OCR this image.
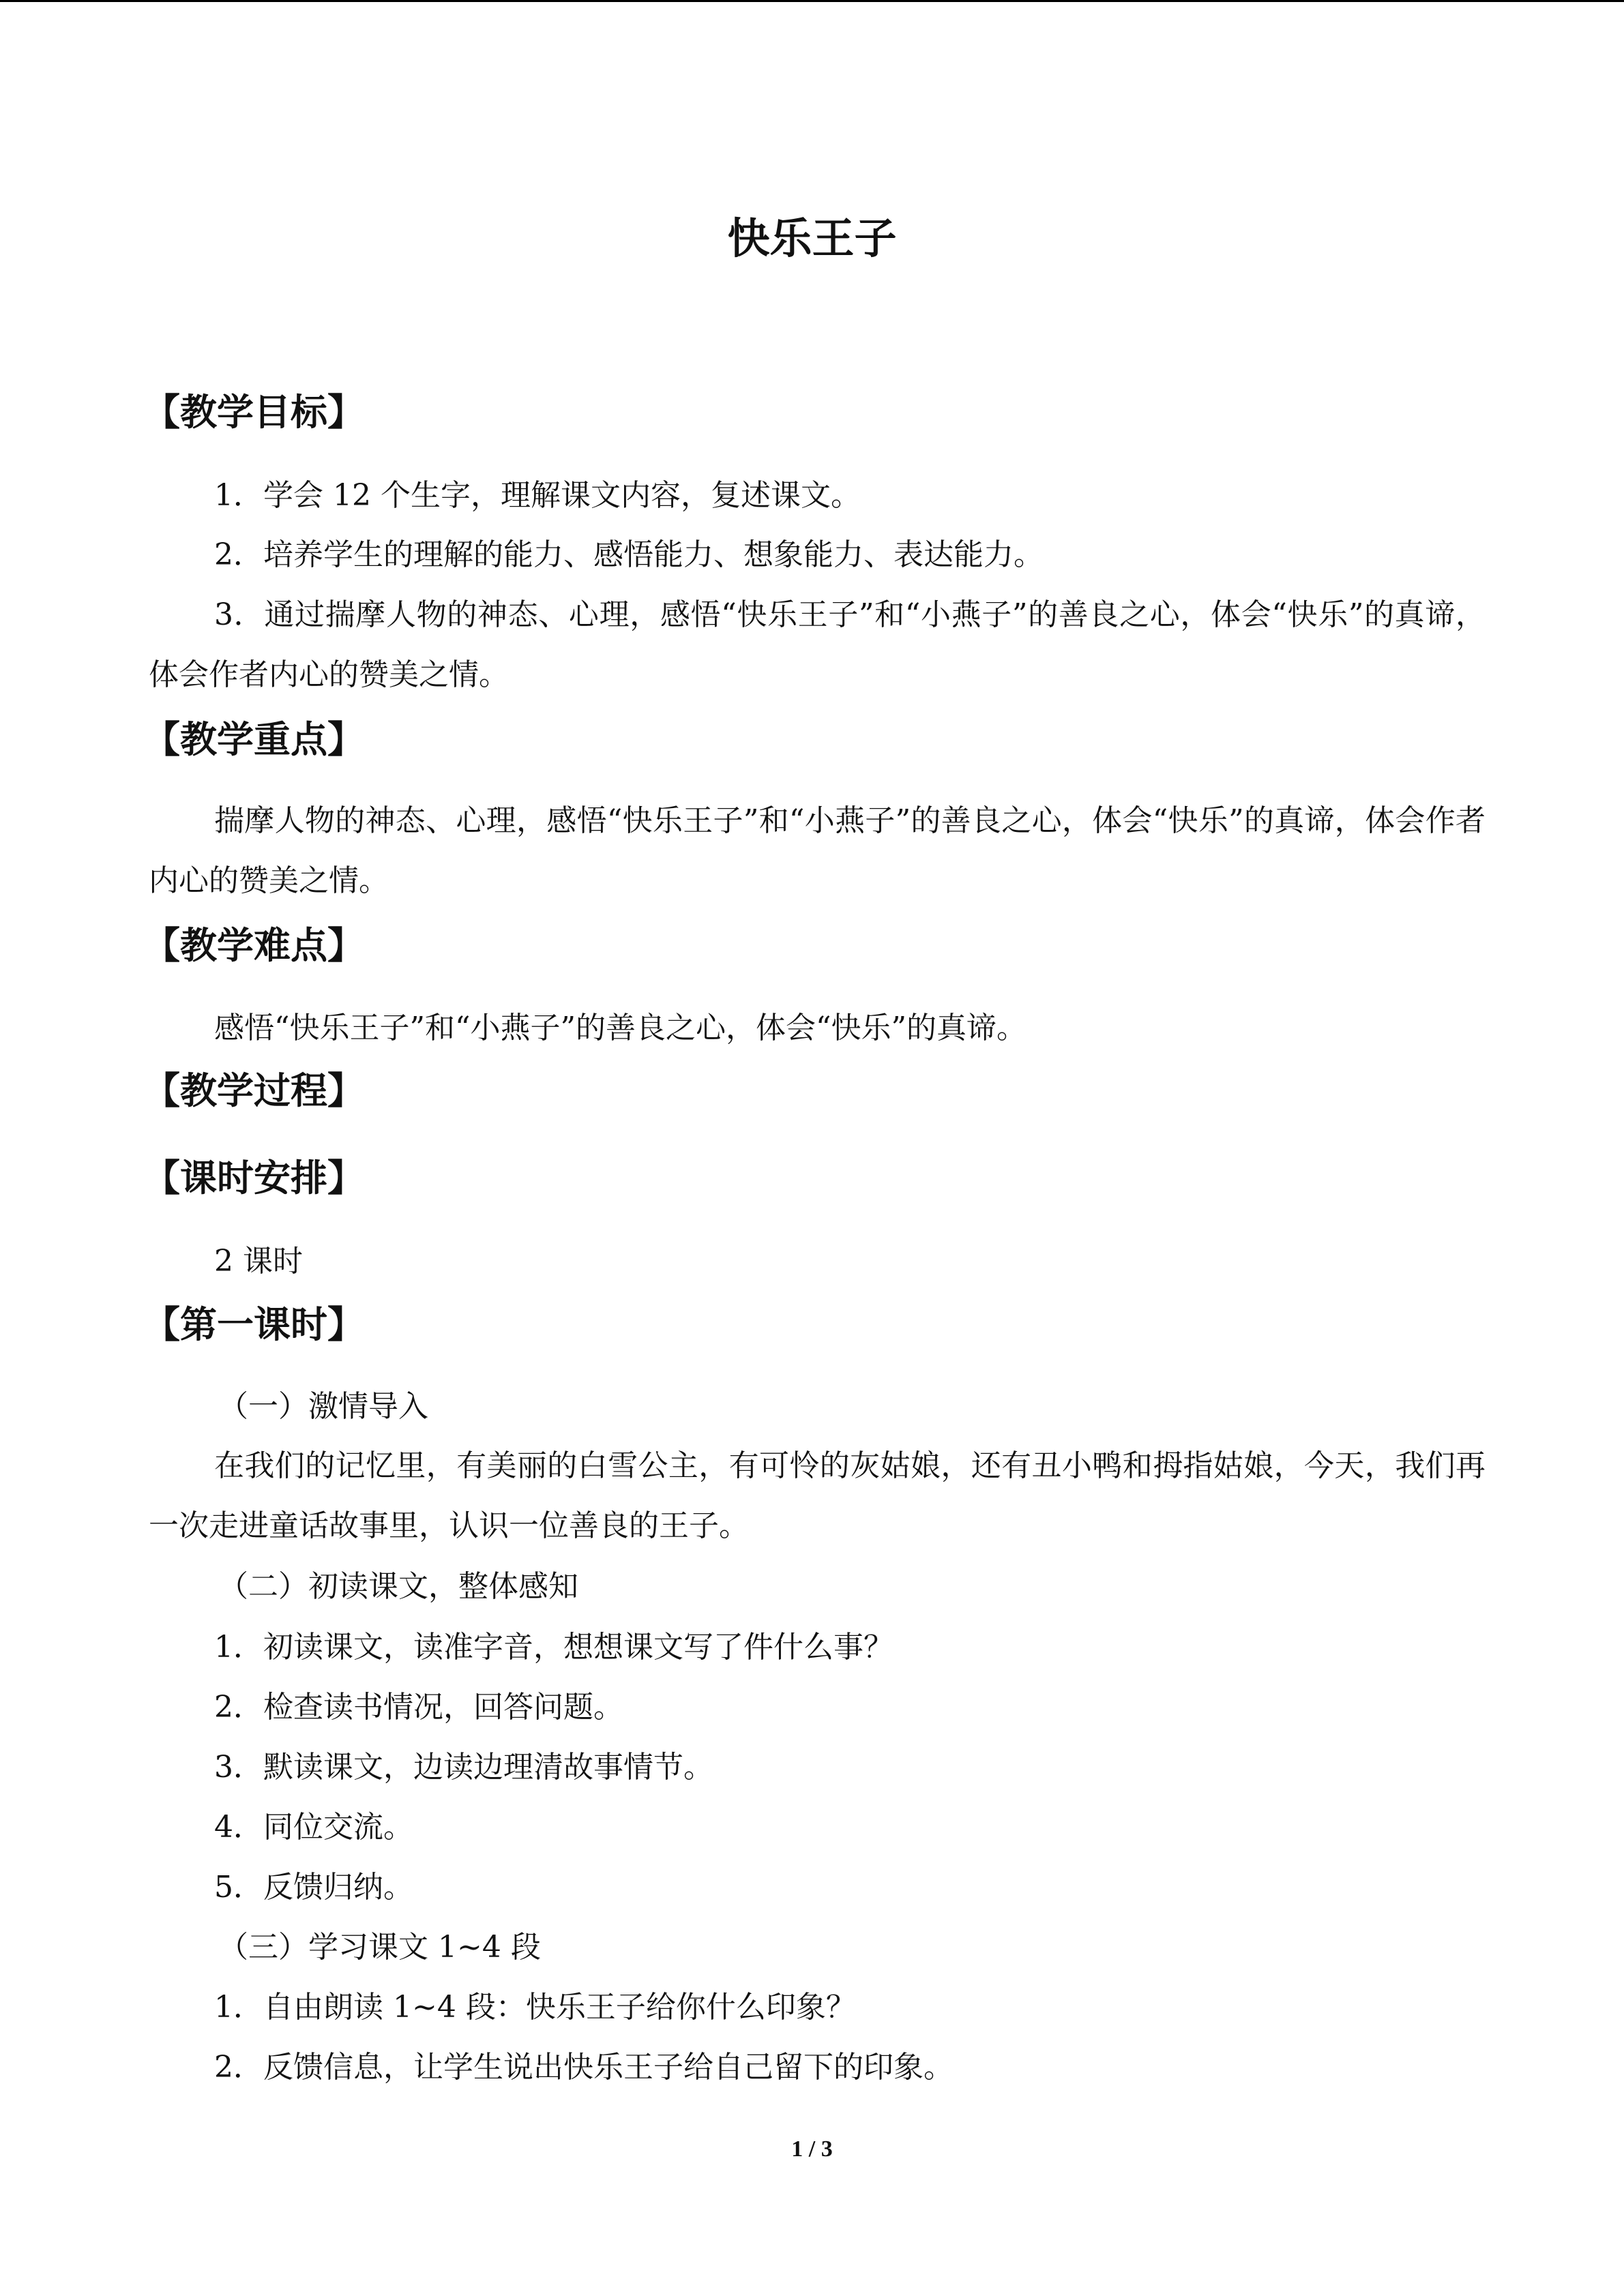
快乐王子
【教学目标】
1．学会 12 个生字，理解课文内容，复述课文。
2．培养学生的理解的能力、感悟能力、想象能力、表达能力。
3．通过揣摩人物的神态、心理，感悟“快乐王子”和“小燕子”的善良之心，体会“快乐”的真谛，体会作者内心的赞美之情。
【教学重点】
揣摩人物的神态、心理，感悟“快乐王子”和“小燕子”的善良之心，体会“快乐”的真谛，体会作者内心的赞美之情。
【教学难点】
感悟“快乐王子”和“小燕子”的善良之心，体会“快乐”的真谛。
【教学过程】
【课时安排】
2 课时
【第一课时】
（一）激情导入
在我们的记忆里，有美丽的白雪公主，有可怜的灰姑娘，还有丑小鸭和拇指姑娘，今天，我们再一次走进童话故事里，认识一位善良的王子。
（二）初读课文，整体感知
1．初读课文，读准字音，想想课文写了件什么事？
2．检查读书情况，回答问题。
3．默读课文，边读边理清故事情节。
4．同位交流。
5．反馈归纳。
（三）学习课文 1~4 段
1．自由朗读 1~4 段：快乐王子给你什么印象？
2．反馈信息，让学生说出快乐王子给自己留下的印象。
1 / 3
